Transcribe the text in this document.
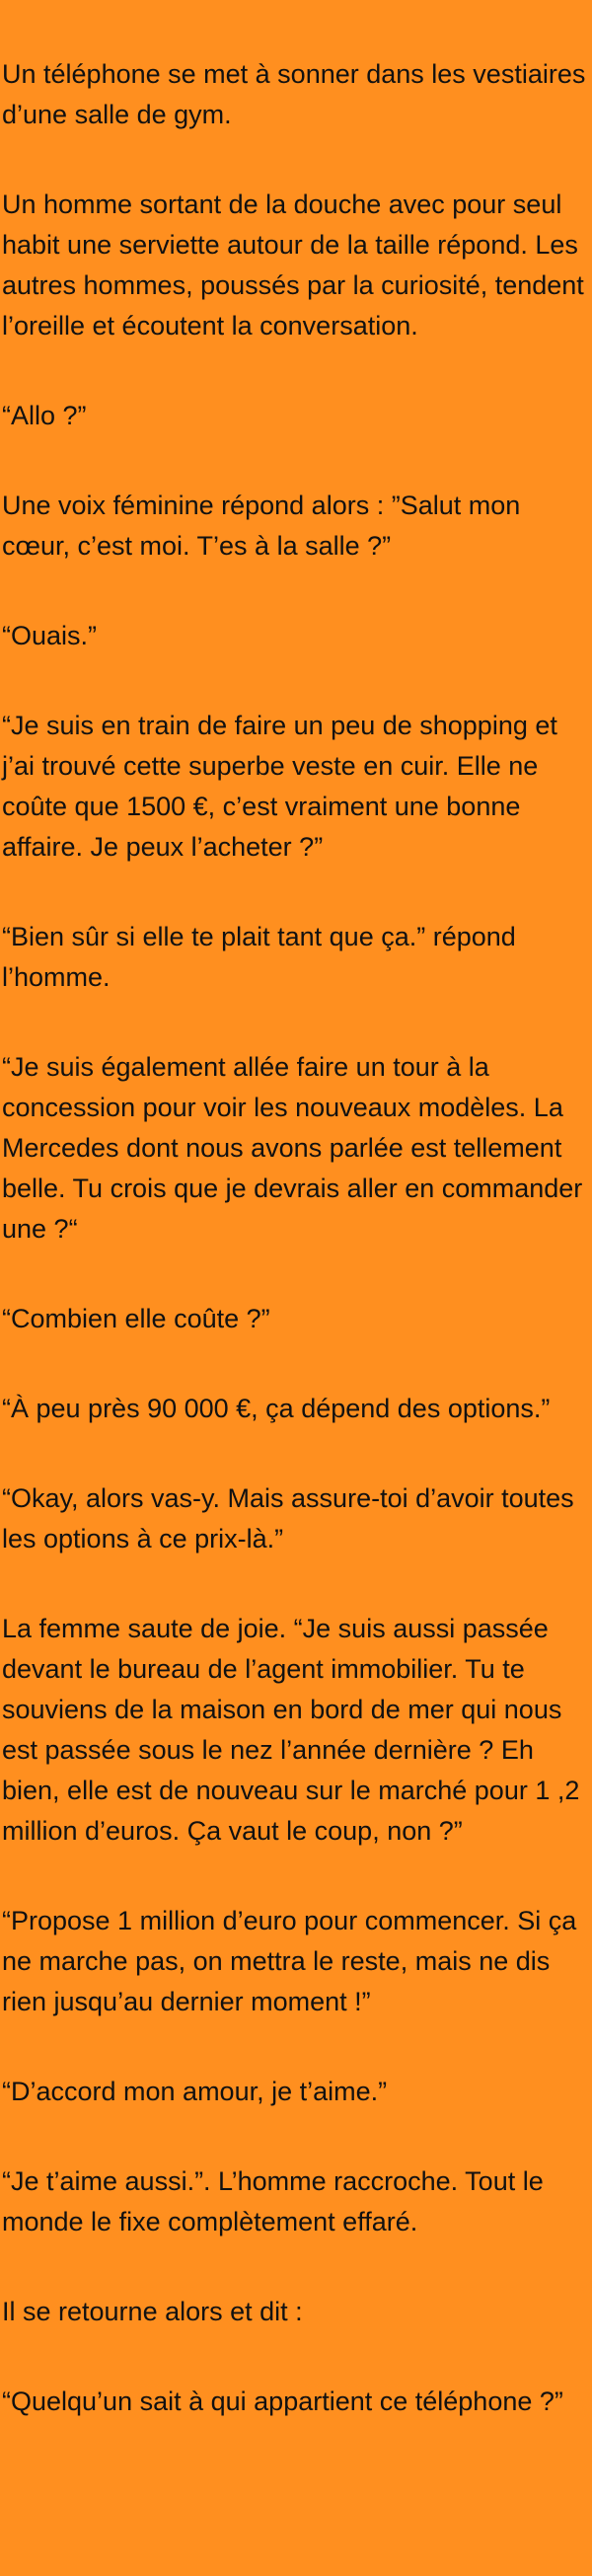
Un téléphone se met à sonner dans les vestiaires d’une salle de gym.

Un homme sortant de la douche avec pour seul habit une serviette autour de la taille répond. Les autres hommes, poussés par la curiosité, tendent l’oreille et écoutent la conversation.

“Allo ?”

Une voix féminine répond alors : ”Salut mon cœur, c’est moi. T’es à la salle ?”

“Ouais.”

“Je suis en train de faire un peu de shopping et j’ai trouvé cette superbe veste en cuir. Elle ne coûte que 1500 €, c’est vraiment une bonne affaire. Je peux l’acheter ?”

“Bien sûr si elle te plait tant que ça.” répond l’homme.

“Je suis également allée faire un tour à la concession pour voir les nouveaux modèles. La Mercedes dont nous avons parlée est tellement belle. Tu crois que je devrais aller en commander une ?“

“Combien elle coûte ?”

“À peu près 90 000 €, ça dépend des options.”

“Okay, alors vas-y. Mais assure-toi d’avoir toutes les options à ce prix-là.”

La femme saute de joie. “Je suis aussi passée devant le bureau de l’agent immobilier. Tu te souviens de la maison en bord de mer qui nous est passée sous le nez l’année dernière ? Eh bien, elle est de nouveau sur le marché pour 1 ,2 million d’euros. Ça vaut le coup, non ?”

“Propose 1 million d’euro pour commencer. Si ça ne marche pas, on mettra le reste, mais ne dis rien jusqu’au dernier moment !”

“D’accord mon amour, je t’aime.”

“Je t’aime aussi.”. L’homme raccroche. Tout le monde le fixe complètement effaré.

Il se retourne alors et dit :

“Quelqu’un sait à qui appartient ce téléphone ?”
